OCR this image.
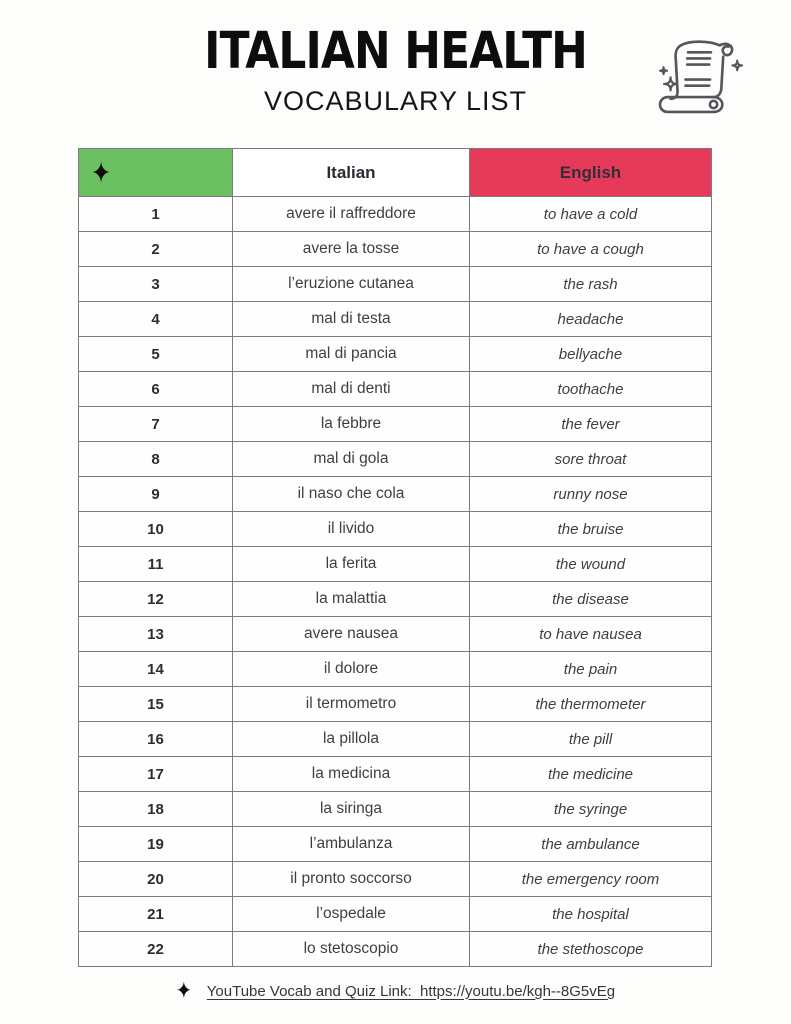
ITALIAN HEALTH
VOCABULARY LIST
✦	Italian	English
1	avere il raffreddore	to have a cold
2	avere la tosse	to have a cough
3	l’eruzione cutanea	the rash
4	mal di testa	headache
5	mal di pancia	bellyache
6	mal di denti	toothache
7	la febbre	the fever
8	mal di gola	sore throat
9	il naso che cola	runny nose
10	il livido	the bruise
11	la ferita	the wound
12	la malattia	the disease
13	avere nausea	to have nausea
14	il dolore	the pain
15	il termometro	the thermometer
16	la pillola	the pill
17	la medicina	the medicine
18	la siringa	the syringe
19	l’ambulanza	the ambulance
20	il pronto soccorso	the emergency room
21	l’ospedale	the hospital
22	lo stetoscopio	the stethoscope
✦ YouTube Vocab and Quiz Link:  https://youtu.be/kgh--8G5vEg
